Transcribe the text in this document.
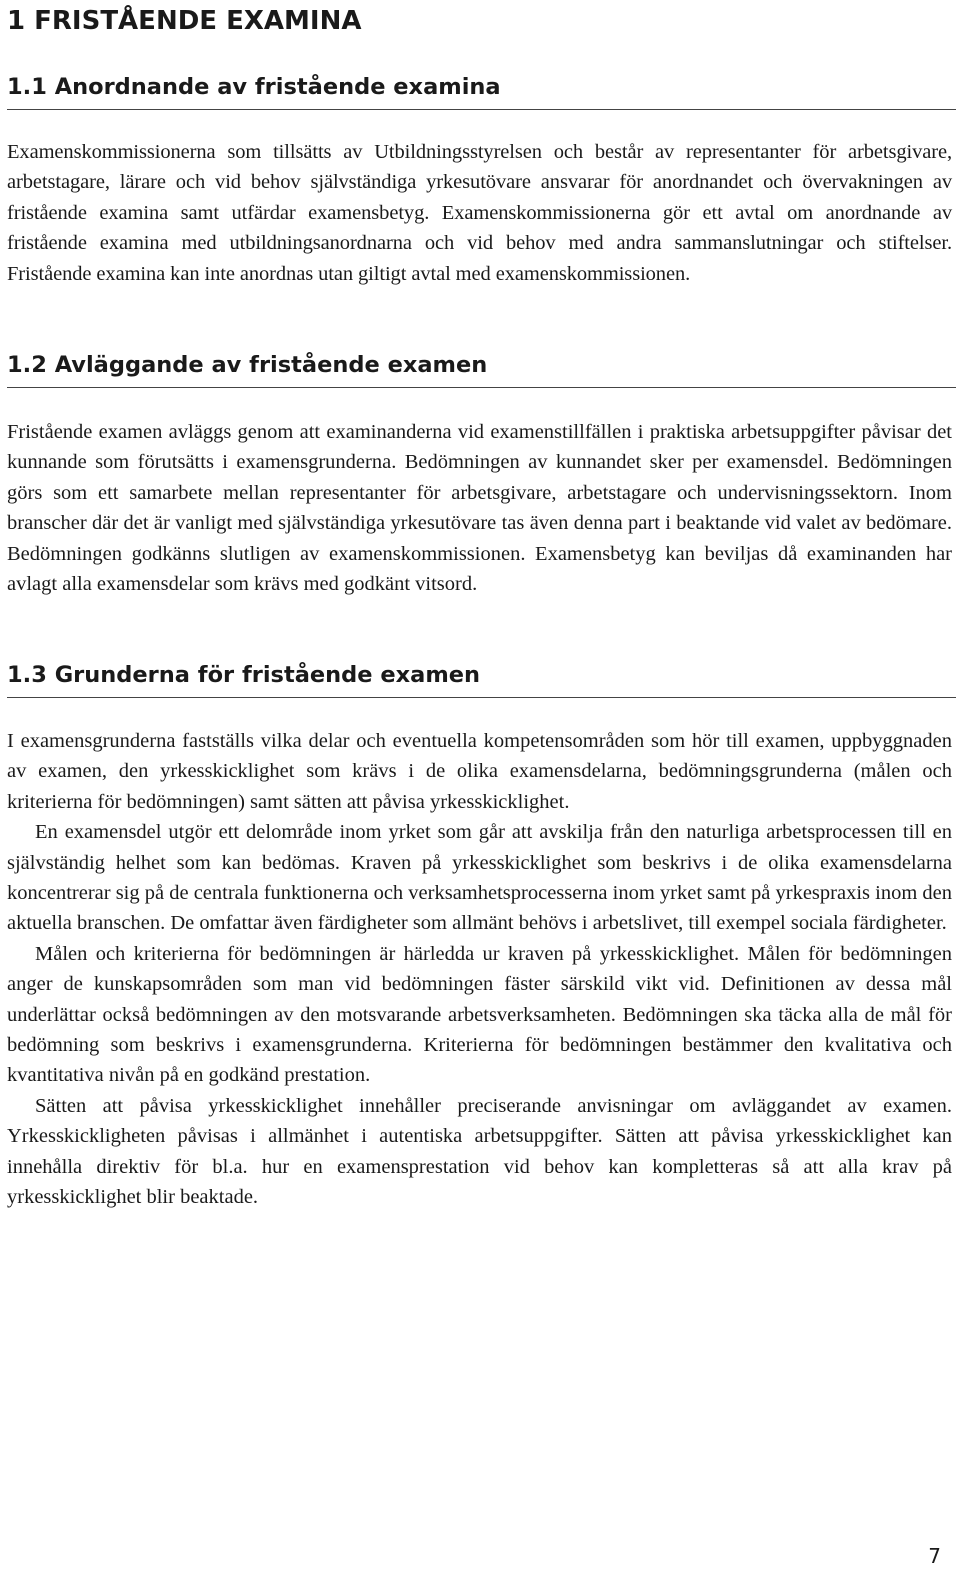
1 FRISTÅENDE EXAMINA
1.1 Anordnande av fristående examina
Examenskommissionerna som tillsätts av Utbildningsstyrelsen och består av representanter för arbetsgivare, arbetstagare, lärare och vid behov självständiga yrkesutövare ansvarar för anordnandet och övervakningen av fristående examina samt utfärdar examensbetyg. Examenskommissionerna gör ett avtal om anordnande av fristående examina med utbildningsanordnarna och vid behov med andra sammanslutningar och stiftelser. Fristående examina kan inte anordnas utan giltigt avtal med examenskommissionen.
1.2 Avläggande av fristående examen
Fristående examen avläggs genom att examinanderna vid examenstillfällen i praktiska arbetsuppgifter påvisar det kunnande som förutsätts i examensgrunderna. Bedömningen av kunnandet sker per examensdel. Bedömningen görs som ett samarbete mellan representanter för arbetsgivare, arbetstagare och undervisningssektorn. Inom branscher där det är vanligt med självständiga yrkesutövare tas även denna part i beaktande vid valet av bedömare. Bedömningen godkänns slutligen av examenskommissionen. Examensbetyg kan beviljas då examinanden har avlagt alla examensdelar som krävs med godkänt vitsord.
1.3 Grunderna för fristående examen
I examensgrunderna fastställs vilka delar och eventuella kompetensområden som hör till examen, uppbyggnaden av examen, den yrkesskicklighet som krävs i de olika examensdelarna, bedömningsgrunderna (målen och kriterierna för bedömningen) samt sätten att påvisa yrkesskicklighet.
En examensdel utgör ett delområde inom yrket som går att avskilja från den naturliga arbetsprocessen till en självständig helhet som kan bedömas. Kraven på yrkesskicklighet som beskrivs i de olika examensdelarna koncentrerar sig på de centrala funktionerna och verksamhetsprocesserna inom yrket samt på yrkespraxis inom den aktuella branschen. De omfattar även färdigheter som allmänt behövs i arbetslivet, till exempel sociala färdigheter.
Målen och kriterierna för bedömningen är härledda ur kraven på yrkesskicklighet. Målen för bedömningen anger de kunskapsområden som man vid bedömningen fäster särskild vikt vid. Definitionen av dessa mål underlättar också bedömningen av den motsvarande arbetsverksamheten. Bedömningen ska täcka alla de mål för bedömning som beskrivs i examensgrunderna. Kriterierna för bedömningen bestämmer den kvalitativa och kvantitativa nivån på en godkänd prestation.
Sätten att påvisa yrkesskicklighet innehåller preciserande anvisningar om avläggandet av examen. Yrkesskickligheten påvisas i allmänhet i autentiska arbetsuppgifter. Sätten att påvisa yrkesskicklighet kan innehålla direktiv för bl.a. hur en examensprestation vid behov kan kompletteras så att alla krav på yrkesskicklighet blir beaktade.
7
